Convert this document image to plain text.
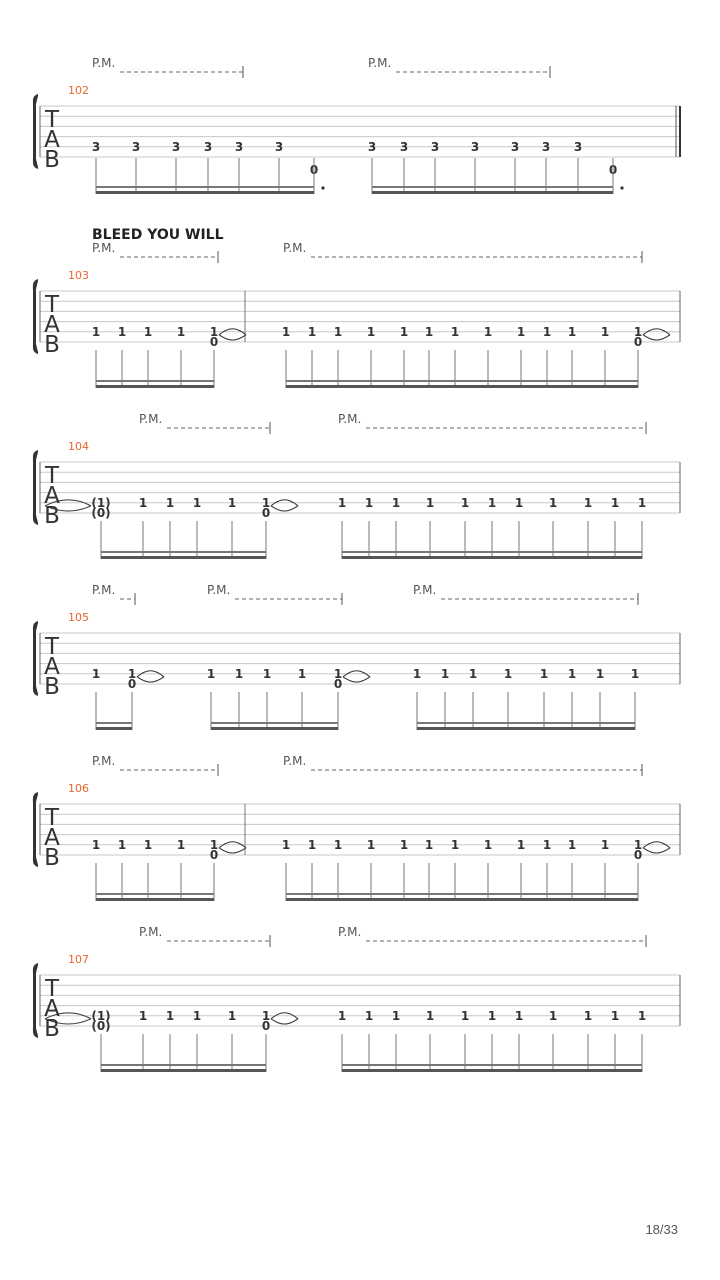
P.M.	P.M.
102
T
A
B	3	3	3 3 3	3
0
3 3 3	3	3 3 3
0
P.M.	P.M.
BLEED YOU WILL
103
T
A
B
1 1 1 1 1
0
1 1 1 1 1 1 1 1 1 1 1 1 1
0
P.M.	P.M.
104
T
A
B
(1)
(0)
1 1 1 1 1
0
1 1 1 1 1 1 1 1 1 1 1
P.M.	P.M.	P.M.
105
T
A
B
1 1
0
1 1 1 1 1
0
1 1 1 1 1 1 1 1
P.M.	P.M.
106
T
A
B
1 1 1 1 1
0
1 1 1 1 1 1 1 1 1 1 1 1 1
0
P.M.	P.M.
107
T
A
B
(1)
(0)
1 1 1 1 1
0
1 1 1 1 1 1 1 1 1 1 1
18/33
